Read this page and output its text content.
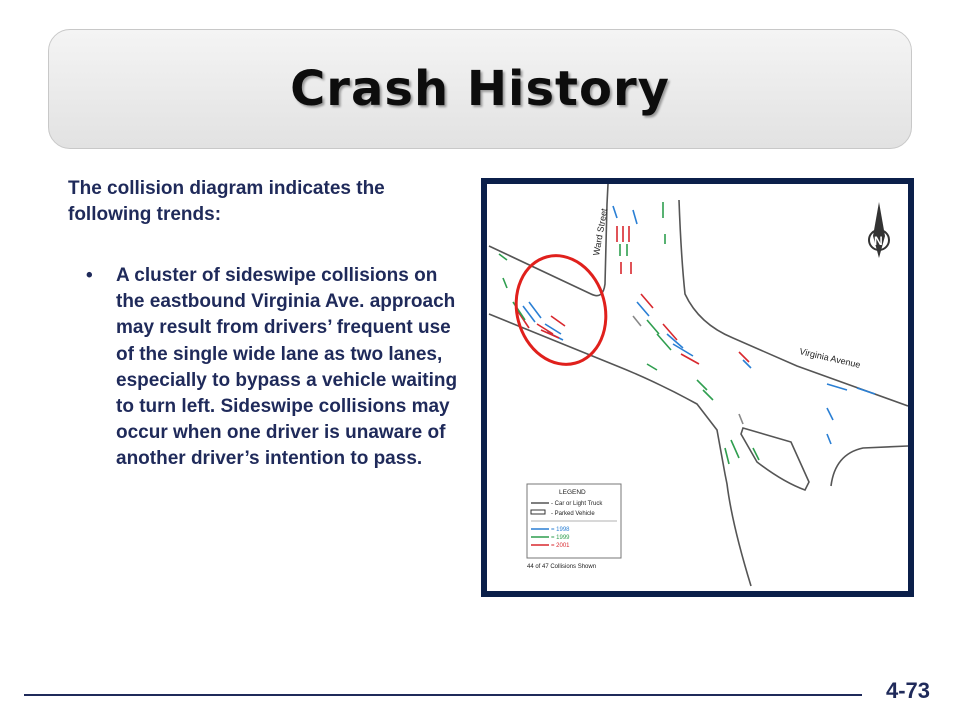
Crash History
The collision diagram indicates the following trends:
• A cluster of sideswipe collisions on the eastbound Virginia Ave. approach may result from drivers’ frequent use of the single wide lane as two lanes, especially to bypass a vehicle waiting to turn left. Sideswipe collisions may occur when one driver is unaware of another driver’s intention to pass.
Ward Street
Virginia Avenue
N
LEGEND
- Car or Light Truck
- Parked Vehicle
= 1998
= 1999
= 2001
44 of 47 Collisions Shown
4-73
